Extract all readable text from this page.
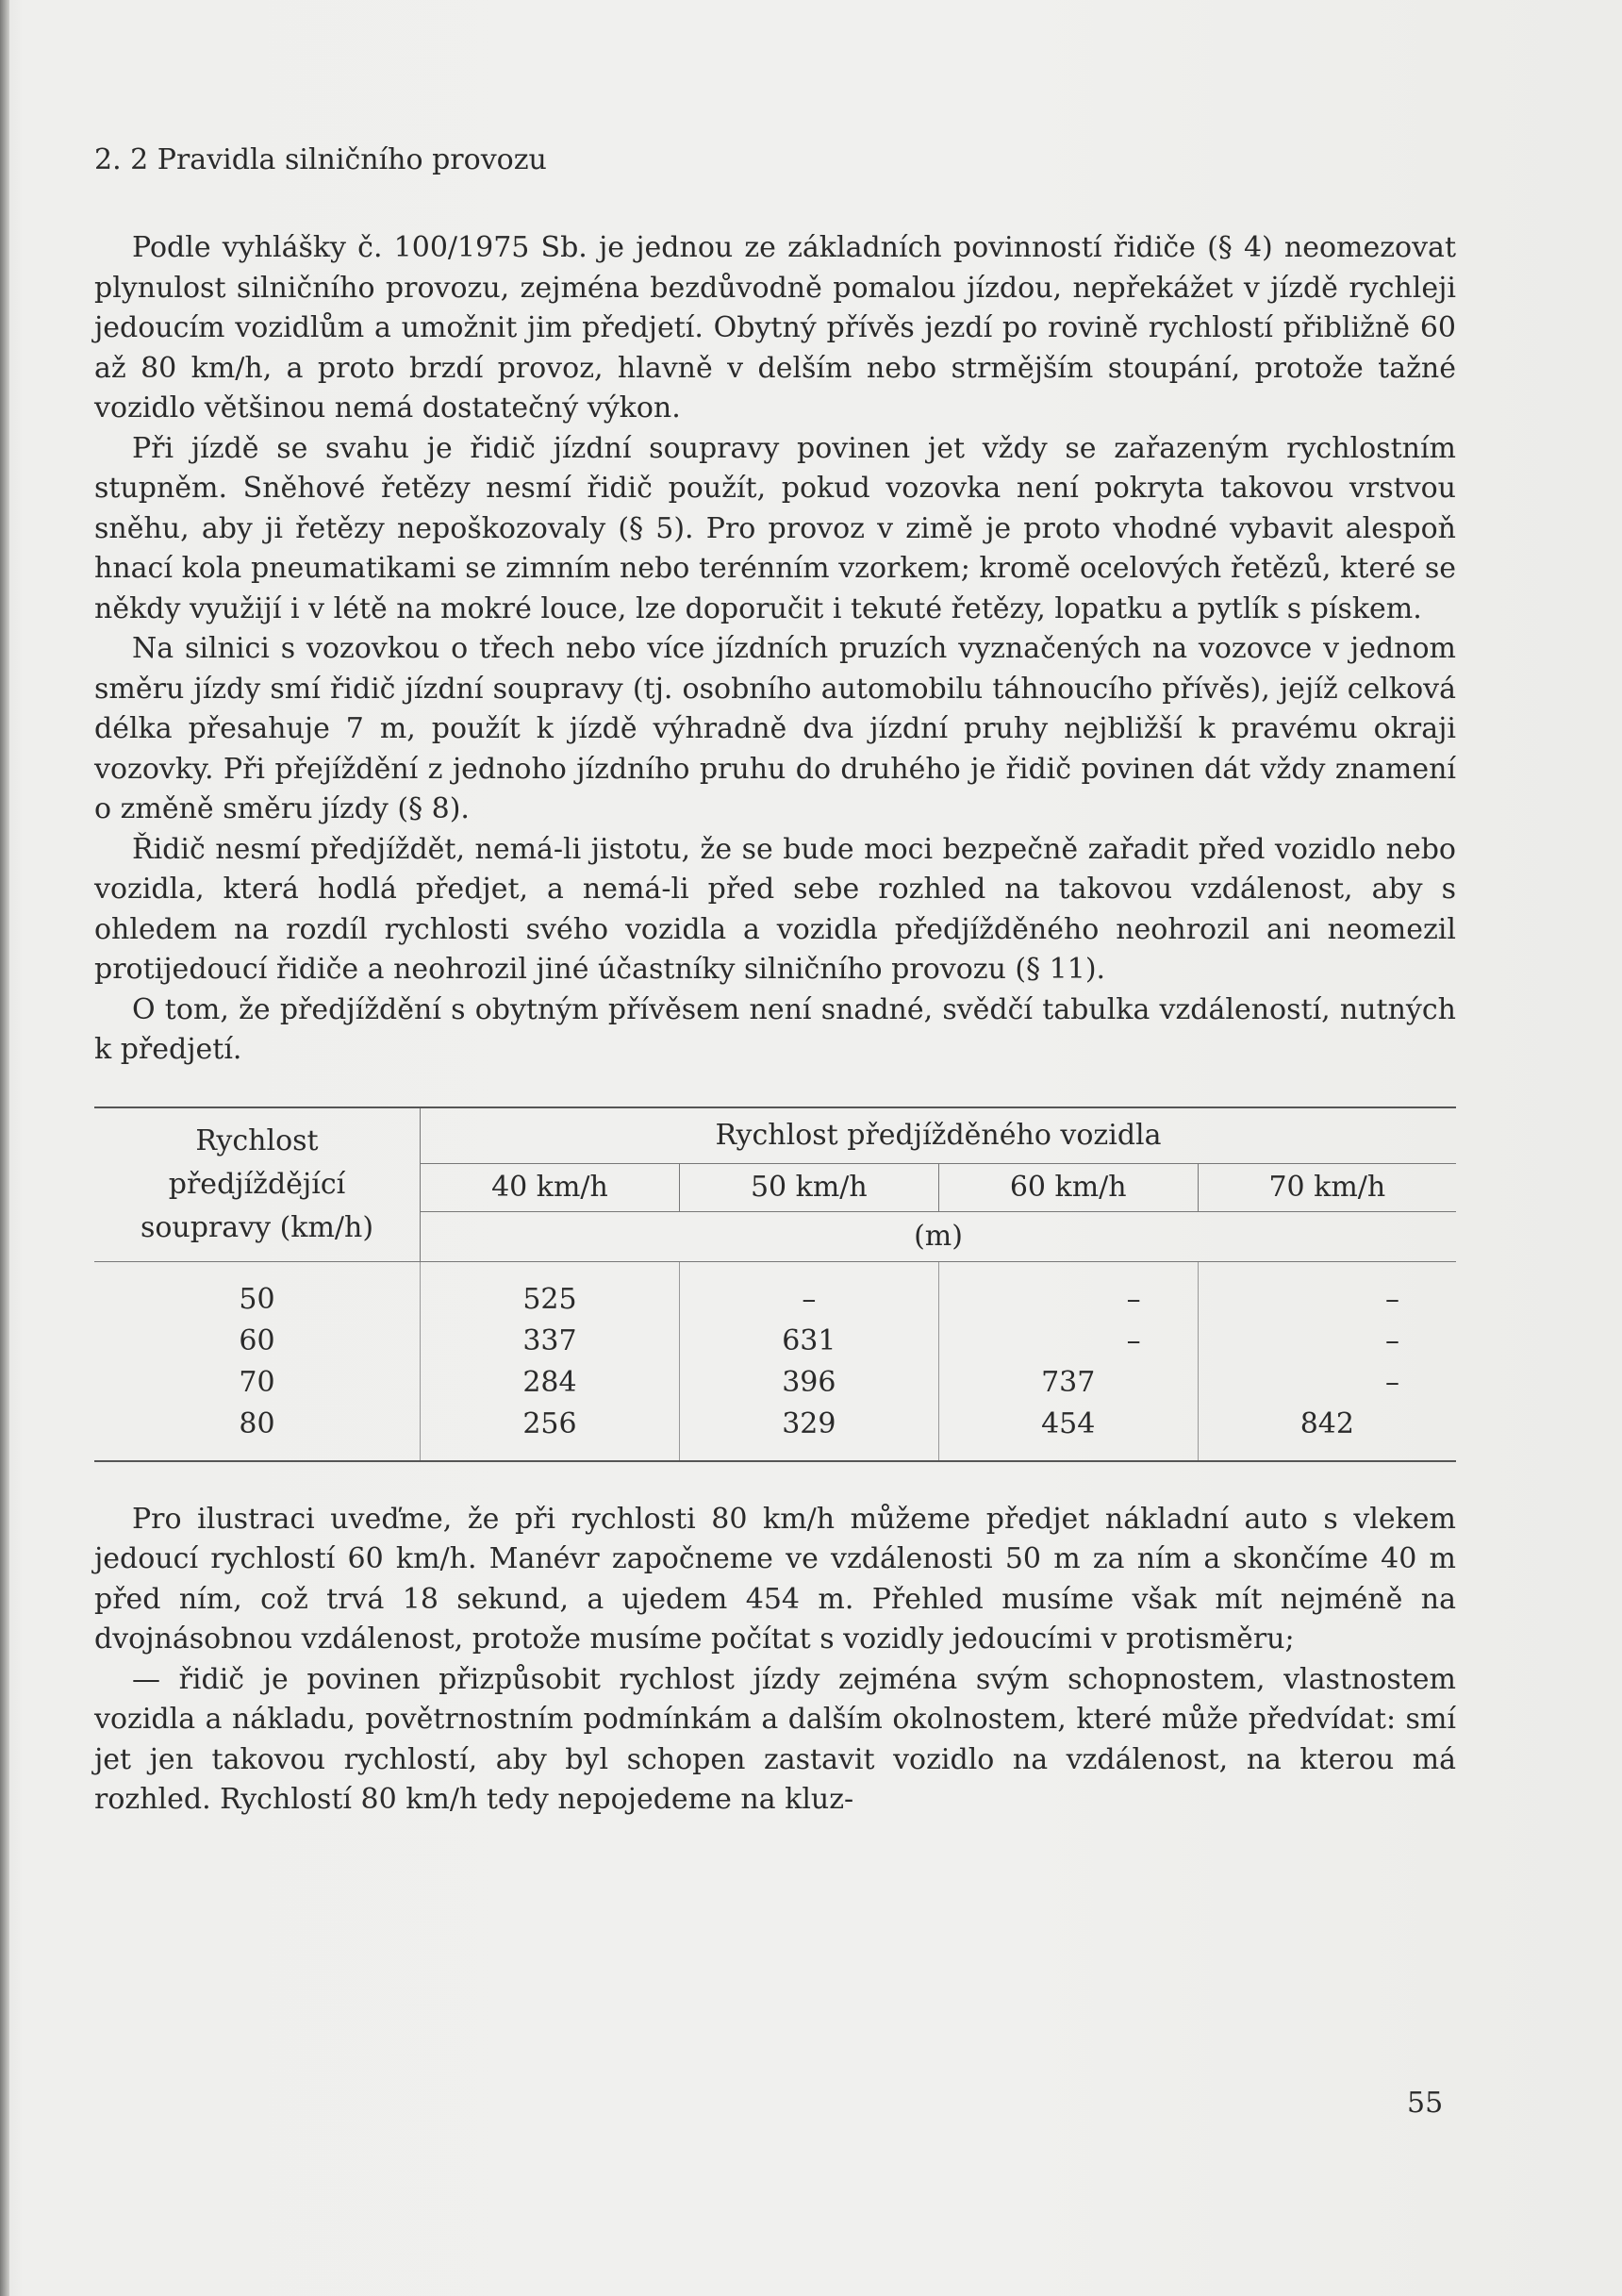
2. 2 Pravidla silničního provozu

Podle vyhlášky č. 100/1975 Sb. je jednou ze základních povinností řidiče (§ 4) neomezovat plynulost silničního provozu, zejména bezdůvodně pomalou jízdou, nepřekážet v jízdě rychleji jedoucím vozidlům a umožnit jim předjetí. Obytný přívěs jezdí po rovině rychlostí přibližně 60 až 80 km/h, a proto brzdí provoz, hlavně v delším nebo strmějším stoupání, protože tažné vozidlo většinou nemá dostatečný výkon.

Při jízdě se svahu je řidič jízdní soupravy povinen jet vždy se zařazeným rychlostním stupněm. Sněhové řetězy nesmí řidič použít, pokud vozovka není pokryta takovou vrstvou sněhu, aby ji řetězy nepoškozovaly (§ 5). Pro provoz v zimě je proto vhodné vybavit alespoň hnací kola pneumatikami se zimním nebo terénním vzorkem; kromě ocelových řetězů, které se někdy využijí i v létě na mokré louce, lze doporučit i tekuté řetězy, lopatku a pytlík s pískem.

Na silnici s vozovkou o třech nebo více jízdních pruzích vyznačených na vozovce v jednom směru jízdy smí řidič jízdní soupravy (tj. osobního automobilu táhnoucího přívěs), jejíž celková délka přesahuje 7 m, použít k jízdě výhradně dva jízdní pruhy nejbližší k pravému okraji vozovky. Při přejíždění z jednoho jízdního pruhu do druhého je řidič povinen dát vždy znamení o změně směru jízdy (§ 8).

Řidič nesmí předjíždět, nemá-li jistotu, že se bude moci bezpečně zařadit před vozidlo nebo vozidla, která hodlá předjet, a nemá-li před sebe rozhled na takovou vzdálenost, aby s ohledem na rozdíl rychlosti svého vozidla a vozidla předjížděného neohrozil ani neomezil protijedoucí řidiče a neohrozil jiné účastníky silničního provozu (§ 11).

O tom, že předjíždění s obytným přívěsem není snadné, svědčí tabulka vzdáleností, nutných k předjetí.

Rychlost
předjíždějící
soupravy (km/h)	Rychlost předjížděného vozidla			
	40 km/h	50 km/h	60 km/h	70 km/h
	(m)			
50	525	–	–	–
60	337	631	–	–
70	284	396	737	–
80	256	329	454	842

Pro ilustraci uveďme, že při rychlosti 80 km/h můžeme předjet nákladní auto s vlekem jedoucí rychlostí 60 km/h. Manévr započneme ve vzdálenosti 50 m za ním a skončíme 40 m před ním, což trvá 18 sekund, a ujedem 454 m. Přehled musíme však mít nejméně na dvojnásobnou vzdálenost, protože musíme počítat s vozidly jedoucími v protisměru;

— řidič je povinen přizpůsobit rychlost jízdy zejména svým schopnostem, vlastnostem vozidla a nákladu, povětrnostním podmínkám a dalším okolnostem, které může předvídat: smí jet jen takovou rychlostí, aby byl schopen zastavit vozidlo na vzdálenost, na kterou má rozhled. Rychlostí 80 km/h tedy nepojedeme na kluz-

55
